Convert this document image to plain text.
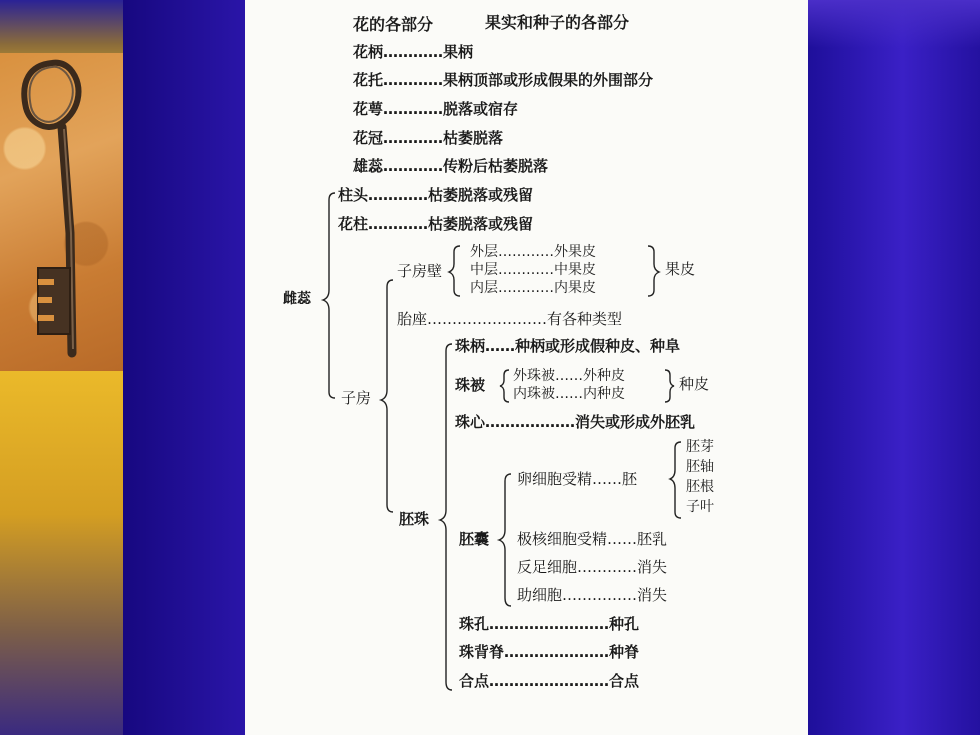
花的各部分	果实和种子的各部分
花柄…………果柄
花托…………果柄顶部或形成假果的外围部分
花萼…………脱落或宿存
花冠…………枯萎脱落
雄蕊…………传粉后枯萎脱落
柱头…………枯萎脱落或残留
花柱…………枯萎脱落或残留
雌蕊
子房壁
外层…………外果皮
中层…………中果皮
内层…………内果皮
果皮
胎座……………………有各种类型
子房
珠柄……种柄或形成假种皮、种阜
珠被 外珠被……外种皮
内珠被……内种皮
种皮
珠心………………消失或形成外胚乳
胚珠
胚囊
卵细胞受精……胚
胚芽
胚轴
胚根
子叶
极核细胞受精……胚乳
反足细胞…………消失
助细胞……………消失
珠孔……………………种孔
珠背脊…………………种脊
合点……………………合点
